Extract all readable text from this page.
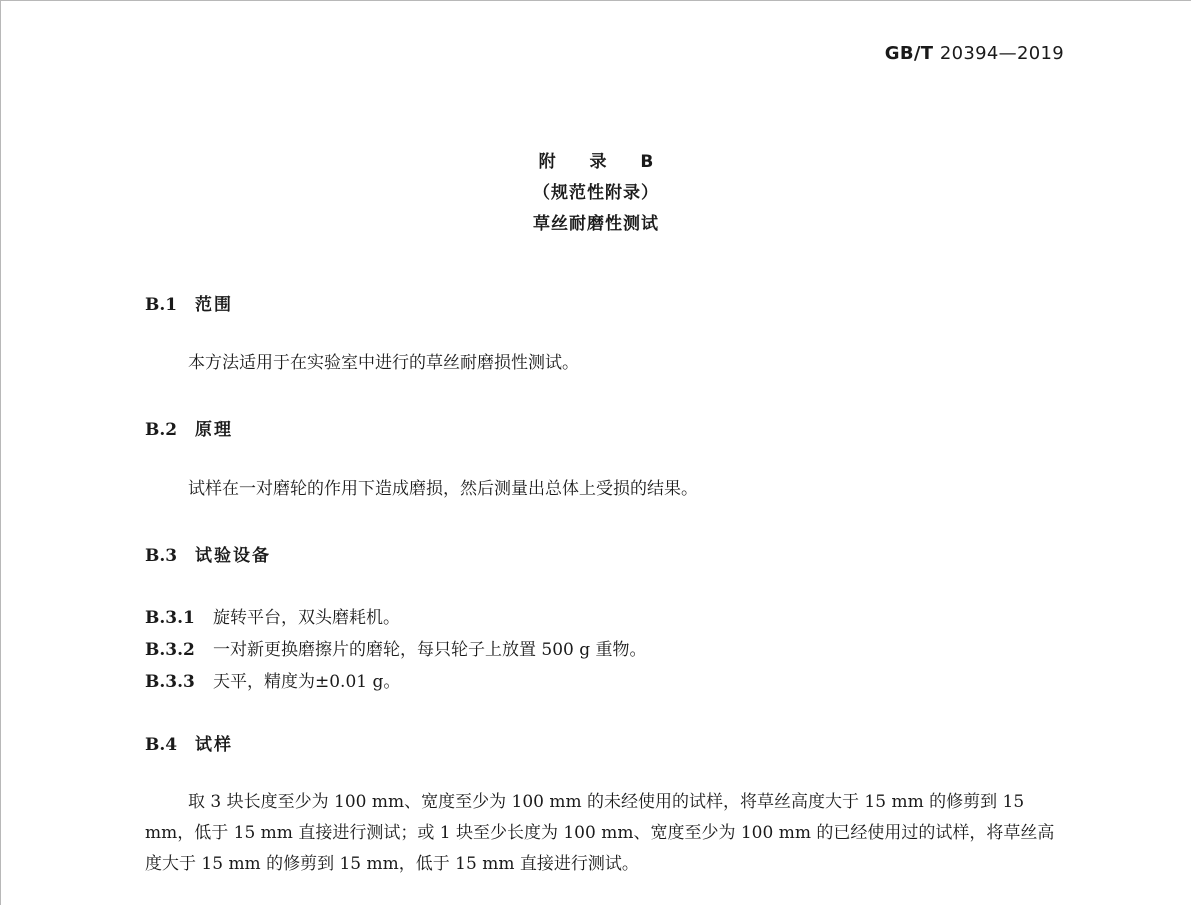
GB/T 20394—2019
附 录 B
（规范性附录）
草丝耐磨性测试
B.1 范围
本方法适用于在实验室中进行的草丝耐磨损性测试。
B.2 原理
试样在一对磨轮的作用下造成磨损，然后测量出总体上受损的结果。
B.3 试验设备
B.3.1 旋转平台，双头磨耗机。
B.3.2 一对新更换磨擦片的磨轮，每只轮子上放置 500 g 重物。
B.3.3 天平，精度为±0.01 g。
B.4 试样
取 3 块长度至少为 100 mm、宽度至少为 100 mm 的未经使用的试样，将草丝高度大于 15 mm 的修剪到 15 mm，低于 15 mm 直接进行测试；或 1 块至少长度为 100 mm、宽度至少为 100 mm 的已经使用过的试样，将草丝高度大于 15 mm 的修剪到 15 mm，低于 15 mm 直接进行测试。
